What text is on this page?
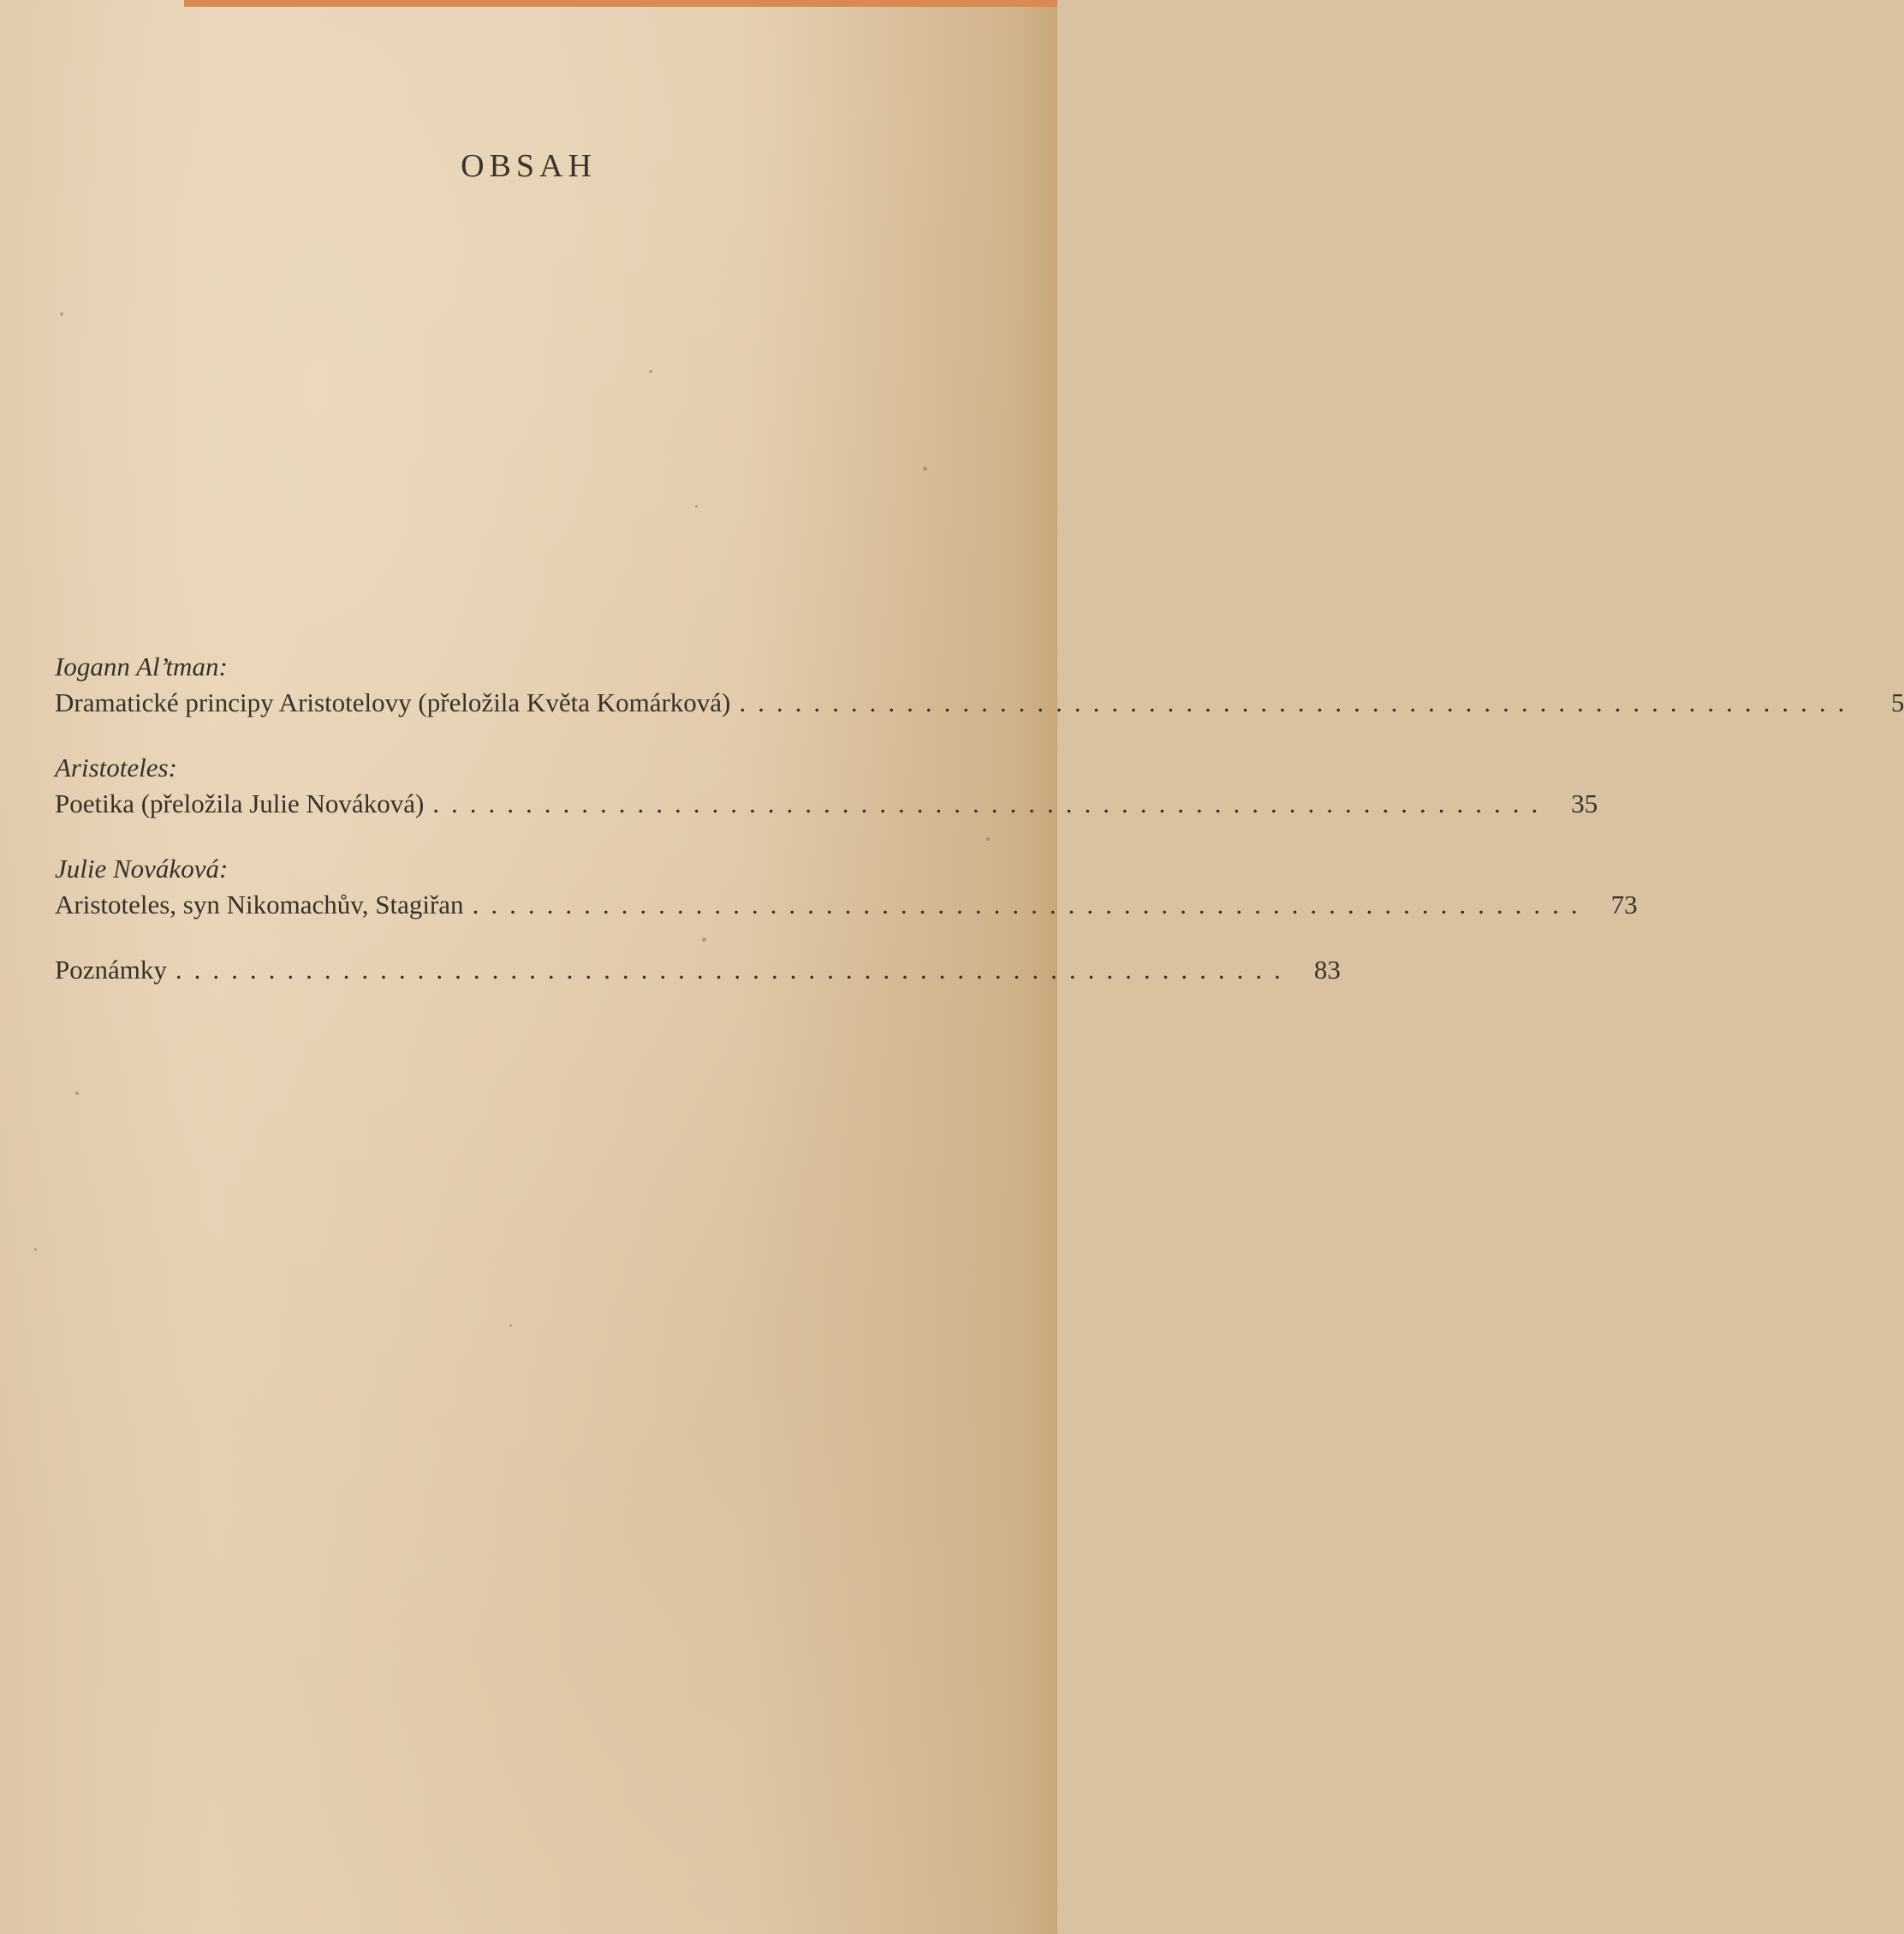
OBSAH
Iogann Al’tman:
Dramatické principy Aristotelovy (přeložila Květa Komárková) ............................................................	5
Aristoteles:
Poetika (přeložila Julie Nováková) ............................................................ 35
Julie Nováková:
Aristoteles, syn Nikomachův, Stagiřan ............................................................ 73
Poznámky ............................................................ 83
